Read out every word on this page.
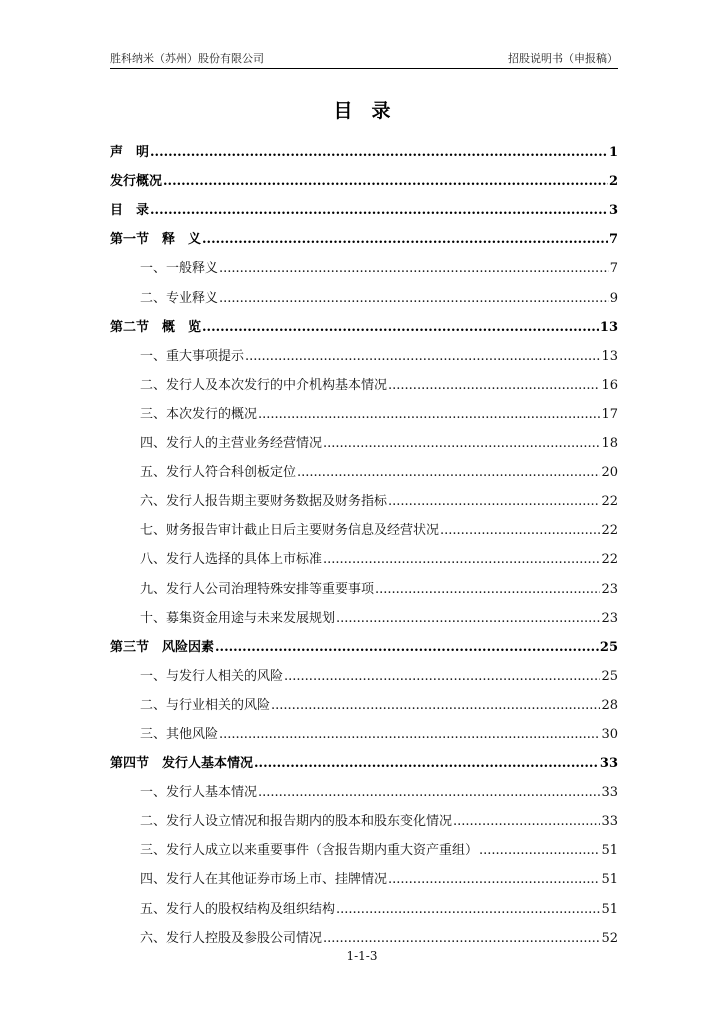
胜科纳米（苏州）股份有限公司	招股说明书（申报稿）
目　录
声　明 .....	1
发行概况 .....	2
目　录 .....	3
第一节　释　义 .....	7
一、一般释义 .....	7
二、专业释义 .....	9
第二节　概　览 .....	13
一、重大事项提示 .....	13
二、发行人及本次发行的中介机构基本情况 .....	16
三、本次发行的概况 .....	17
四、发行人的主营业务经营情况 .....	18
五、发行人符合科创板定位 .....	20
六、发行人报告期主要财务数据及财务指标 .....	22
七、财务报告审计截止日后主要财务信息及经营状况 .....	22
八、发行人选择的具体上市标准 .....	22
九、发行人公司治理特殊安排等重要事项 .....	23
十、募集资金用途与未来发展规划 .....	23
第三节　风险因素 .....	25
一、与发行人相关的风险 .....	25
二、与行业相关的风险 .....	28
三、其他风险 .....	30
第四节　发行人基本情况 .....	33
一、发行人基本情况 .....	33
二、发行人设立情况和报告期内的股本和股东变化情况 .....	33
三、发行人成立以来重要事件（含报告期内重大资产重组） .....	51
四、发行人在其他证券市场上市、挂牌情况 .....	51
五、发行人的股权结构及组织结构 .....	51
六、发行人控股及参股公司情况 .....	52
1-1-3
